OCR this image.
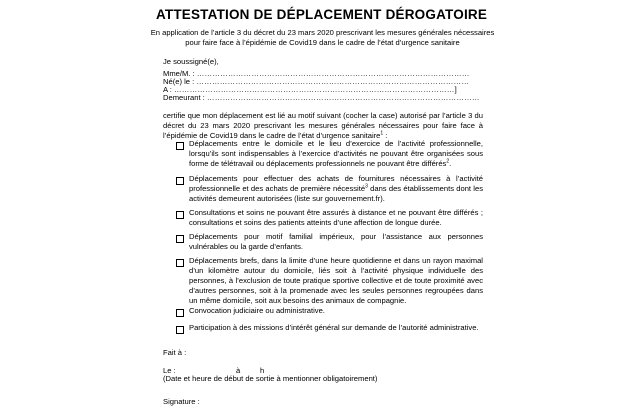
ATTESTATION DE DÉPLACEMENT DÉROGATOIRE
En application de l’article 3 du décret du 23 mars 2020 prescrivant les mesures générales nécessaires pour faire face à l’épidémie de Covid19 dans le cadre de l’état d’urgence sanitaire
Je soussigné(e),
Mme/M. : ……………………………………………………………………………………………
Né(e) le : ……………………………………………………………………………………………
A : ………………………………………………………………………………………………]
Demeurant : ……………………………………………………………………………………………
certifie que mon déplacement est lié au motif suivant (cocher la case) autorisé par l’article 3 du décret du 23 mars 2020 prescrivant les mesures générales nécessaires pour faire face à l’épidémie de Covid19 dans le cadre de l’état d’urgence sanitaire$^1$ :
Déplacements entre le domicile et le lieu d’exercice de l’activité professionnelle, lorsqu’ils sont indispensables à l’exercice d’activités ne pouvant être organisées sous forme de télétravail ou déplacements professionnels ne pouvant être différés$^2$.
Déplacements pour effectuer des achats de fournitures nécessaires à l’activité professionnelle et des achats de première nécessité$^3$ dans des établissements dont les activités demeurent autorisées (liste sur gouvernement.fr).
Consultations et soins ne pouvant être assurés à distance et ne pouvant être différés ; consultations et soins des patients atteints d’une affection de longue durée.
Déplacements pour motif familial impérieux, pour l’assistance aux personnes vulnérables ou la garde d’enfants.
Déplacements brefs, dans la limite d’une heure quotidienne et dans un rayon maximal d’un kilomètre autour du domicile, liés soit à l’activité physique individuelle des personnes, à l’exclusion de toute pratique sportive collective et de toute proximité avec d’autres personnes, soit à la promenade avec les seules personnes regroupées dans un même domicile, soit aux besoins des animaux de compagnie.
Convocation judiciaire ou administrative.
Participation à des missions d’intérêt général sur demande de l’autorité administrative.
Fait à :
Le :	à	h
(Date et heure de début de sortie à mentionner obligatoirement)
Signature :
